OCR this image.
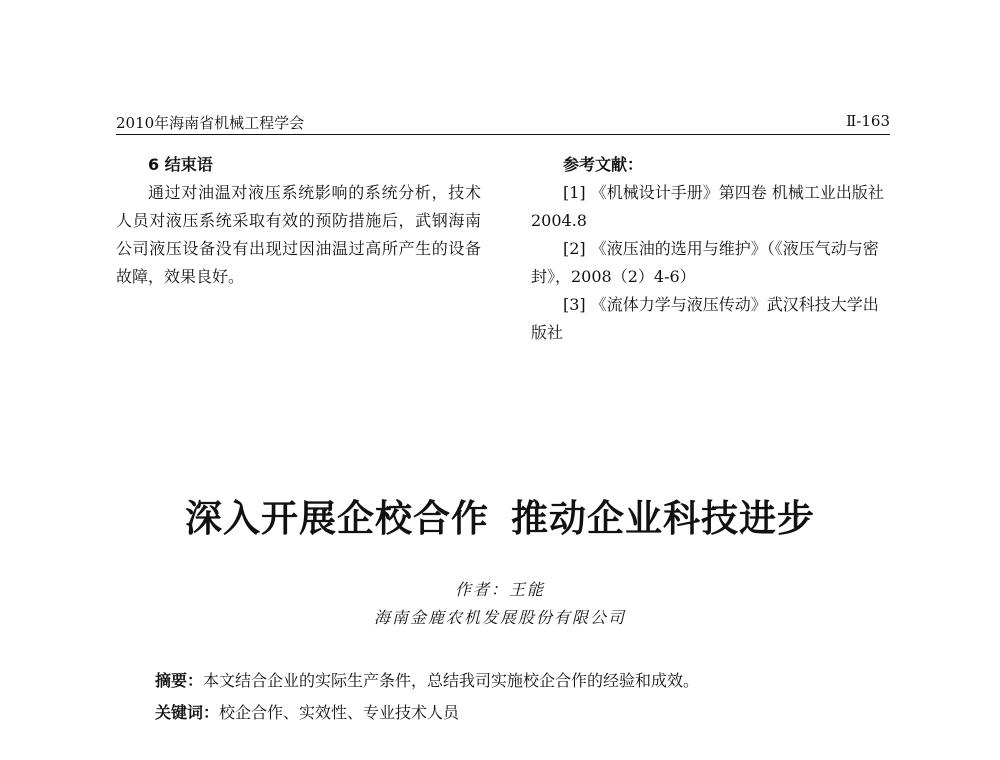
2010年海南省机械工程学会	Ⅱ-163

6 结束语

通过对油温对液压系统影响的系统分析，技术人员对液压系统采取有效的预防措施后，武钢海南公司液压设备没有出现过因油温过高所产生的设备故障，效果良好。

参考文献：

[1] 《机械设计手册》第四卷 机械工业出版社 2004.8

[2] 《液压油的选用与维护》（《液压气动与密封》，2008（2）4-6）

[3] 《流体力学与液压传动》武汉科技大学出版社

深入开展企校合作 推动企业科技进步
作者：王能
海南金鹿农机发展股份有限公司

摘要：本文结合企业的实际生产条件，总结我司实施校企合作的经验和成效。

关键词：校企合作、实效性、专业技术人员
